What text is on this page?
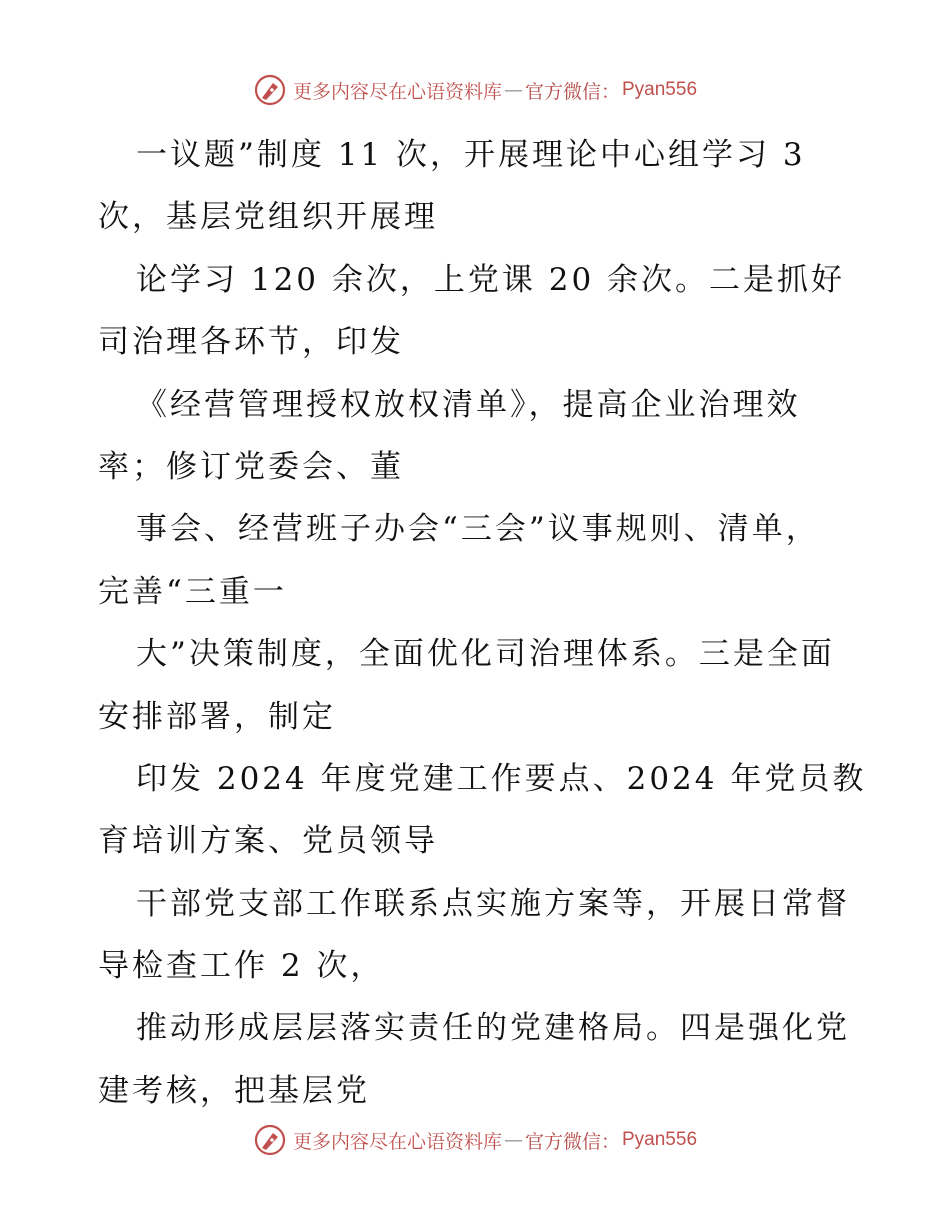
更多内容尽在心语资料库 — 官方微信： Pyan556
一议题”制度 11 次，开展理论中心组学习 3
次，基层党组织开展理
论学习 120 余次，上党课 20 余次。二是抓好
司治理各环节，印发
《经营管理授权放权清单》，提高企业治理效
率；修订党委会、董
事会、经营班子办会“三会”议事规则、清单，
完善“三重一
大”决策制度，全面优化司治理体系。三是全面
安排部署，制定
印发 2024 年度党建工作要点、2024 年党员教
育培训方案、党员领导
干部党支部工作联系点实施方案等，开展日常督
导检查工作 2 次，
推动形成层层落实责任的党建格局。四是强化党
建考核，把基层党
更多内容尽在心语资料库 — 官方微信： Pyan556
